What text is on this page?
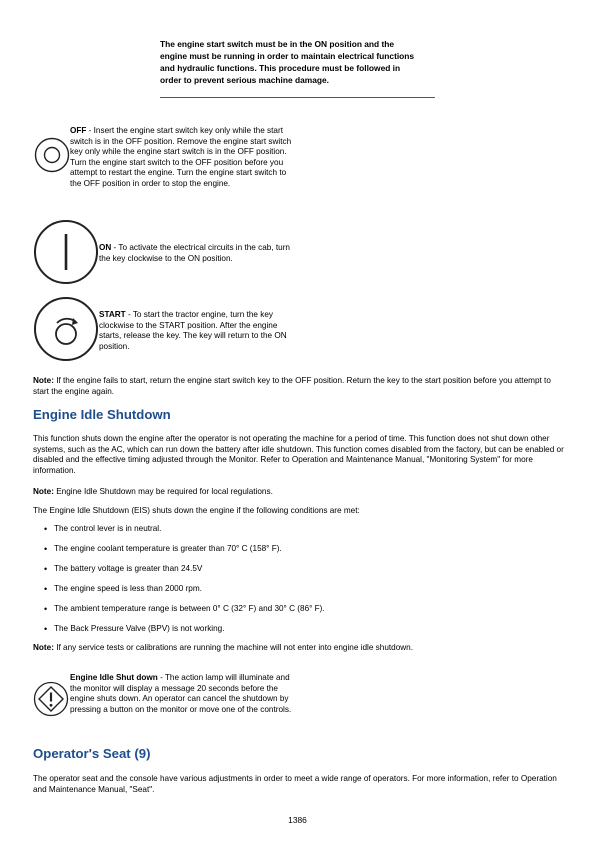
The engine start switch must be in the ON position and the engine must be running in order to maintain electrical functions and hydraulic functions. This procedure must be followed in order to prevent serious machine damage.
OFF - Insert the engine start switch key only while the start switch is in the OFF position. Remove the engine start switch key only while the engine start switch is in the OFF position. Turn the engine start switch to the OFF position before you attempt to restart the engine. Turn the engine start switch to the OFF position in order to stop the engine.
ON - To activate the electrical circuits in the cab, turn the key clockwise to the ON position.
START - To start the tractor engine, turn the key clockwise to the START position. After the engine starts, release the key. The key will return to the ON position.
Note: If the engine fails to start, return the engine start switch key to the OFF position. Return the key to the start position before you attempt to start the engine again.
Engine Idle Shutdown
This function shuts down the engine after the operator is not operating the machine for a period of time. This function does not shut down other systems, such as the AC, which can run down the battery after idle shutdown. This function comes disabled from the factory, but can be enabled or disabled and the effective timing adjusted through the Monitor. Refer to Operation and Maintenance Manual, "Monitoring System" for more information.
Note: Engine Idle Shutdown may be required for local regulations.
The Engine Idle Shutdown (EIS) shuts down the engine if the following conditions are met:
• The control lever is in neutral.
• The engine coolant temperature is greater than 70° C (158° F).
• The battery voltage is greater than 24.5V
• The engine speed is less than 2000 rpm.
• The ambient temperature range is between 0° C (32° F) and 30° C (86° F).
• The Back Pressure Valve (BPV) is not working.
Note: If any service tests or calibrations are running the machine will not enter into engine idle shutdown.
Engine Idle Shut down - The action lamp will illuminate and the monitor will display a message 20 seconds before the engine shuts down. An operator can cancel the shutdown by pressing a button on the monitor or move one of the controls.
Operator's Seat (9)
The operator seat and the console have various adjustments in order to meet a wide range of operators. For more information, refer to Operation and Maintenance Manual, "Seat".
1386
